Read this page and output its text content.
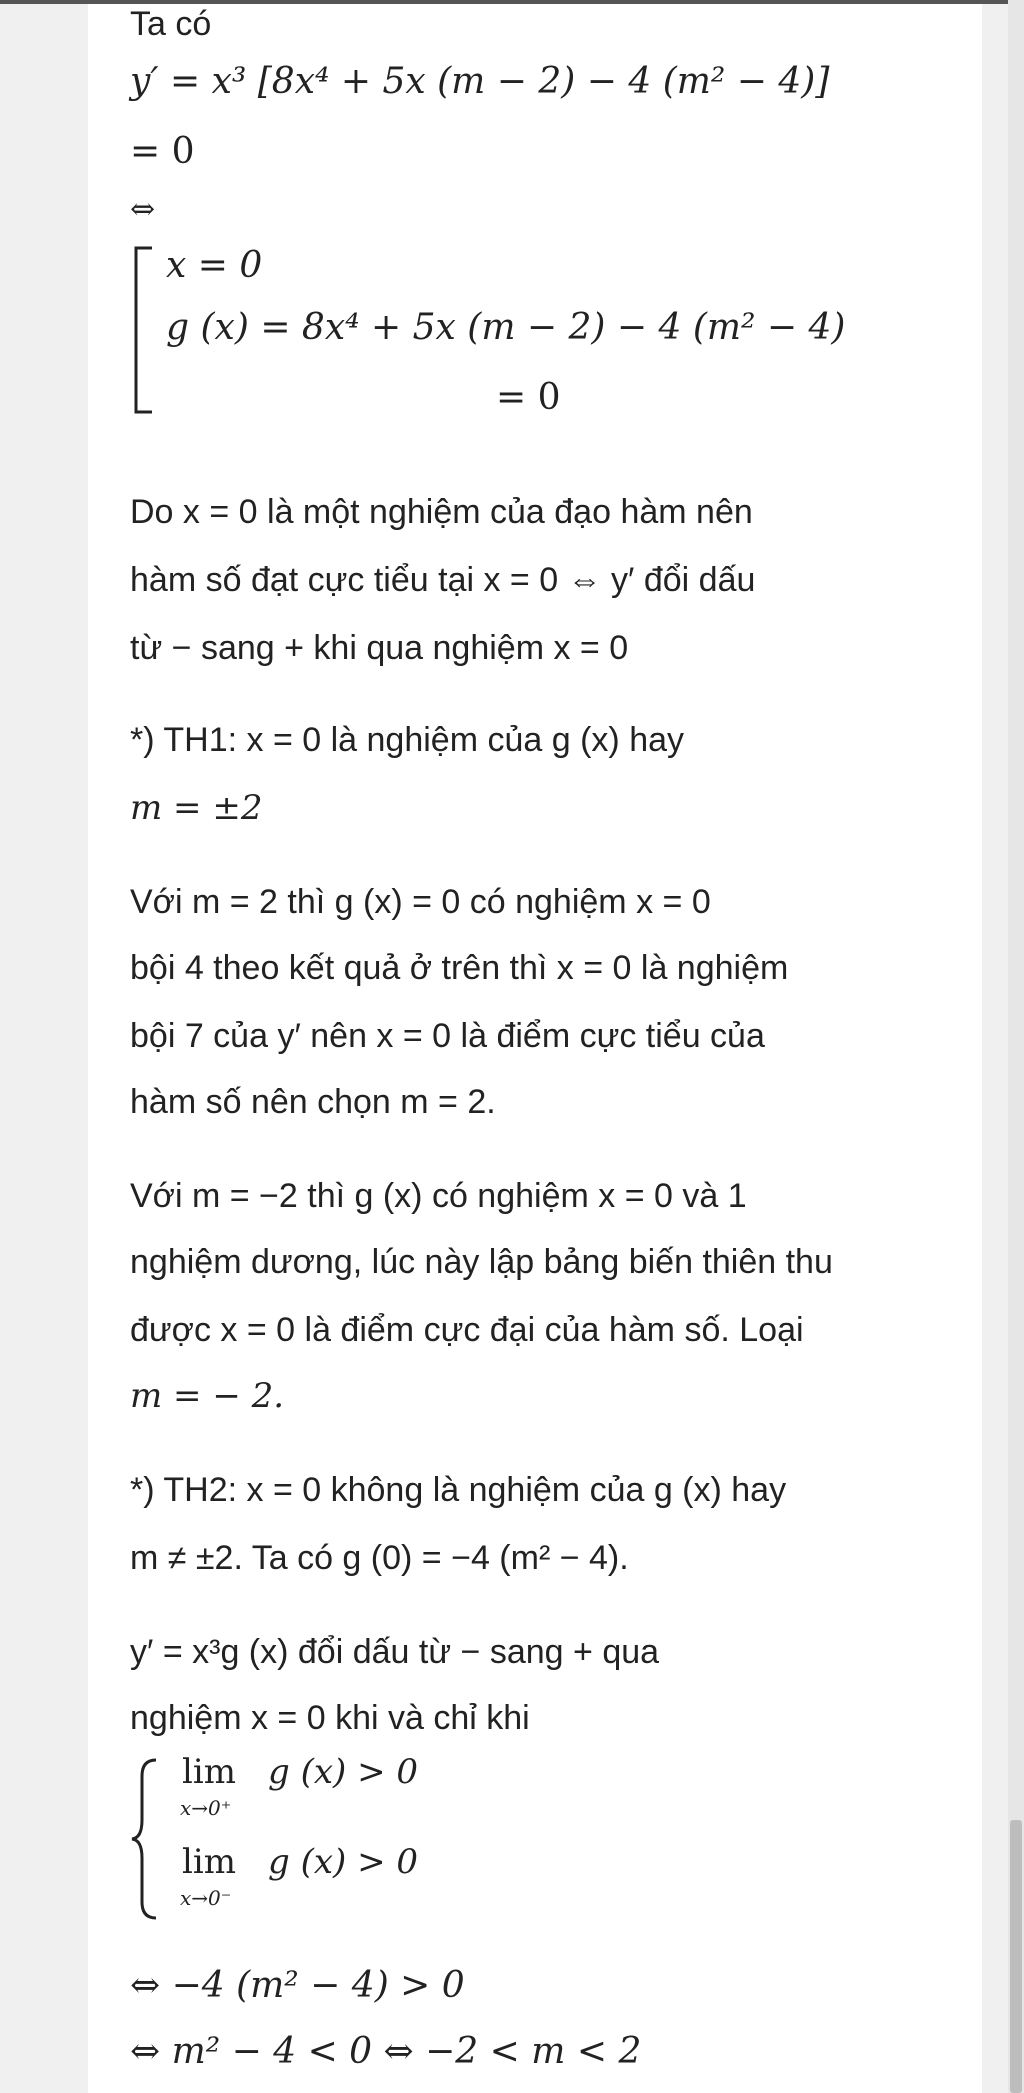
Ta có
y′ = x³ [8x⁴ + 5x (m − 2) − 4 (m² − 4)]
= 0
⇔
x = 0
g (x) = 8x⁴ + 5x (m − 2) − 4 (m² − 4)
= 0
Do x = 0 là một nghiệm của đạo hàm nên
hàm số đạt cực tiểu tại x = 0 ⇔ y′ đổi dấu
từ − sang + khi qua nghiệm x = 0
*) TH1: x = 0 là nghiệm của g (x) hay
m = ±2
Với m = 2 thì g (x) = 0 có nghiệm x = 0
bội 4 theo kết quả ở trên thì x = 0 là nghiệm
bội 7 của y′ nên x = 0 là điểm cực tiểu của
hàm số nên chọn m = 2.
Với m = −2 thì g (x) có nghiệm x = 0 và 1
nghiệm dương, lúc này lập bảng biến thiên thu
được x = 0 là điểm cực đại của hàm số. Loại
m = − 2.
*) TH2: x = 0 không là nghiệm của g (x) hay
m ≠ ±2. Ta có g (0) = −4 (m² − 4).
y′ = x³g (x) đổi dấu từ − sang + qua
nghiệm x = 0 khi và chỉ khi
lim
x→0⁺
g (x) > 0
lim
x→0⁻
g (x) > 0
⇔ −4 (m² − 4) > 0
⇔ m² − 4 < 0 ⇔ −2 < m < 2
